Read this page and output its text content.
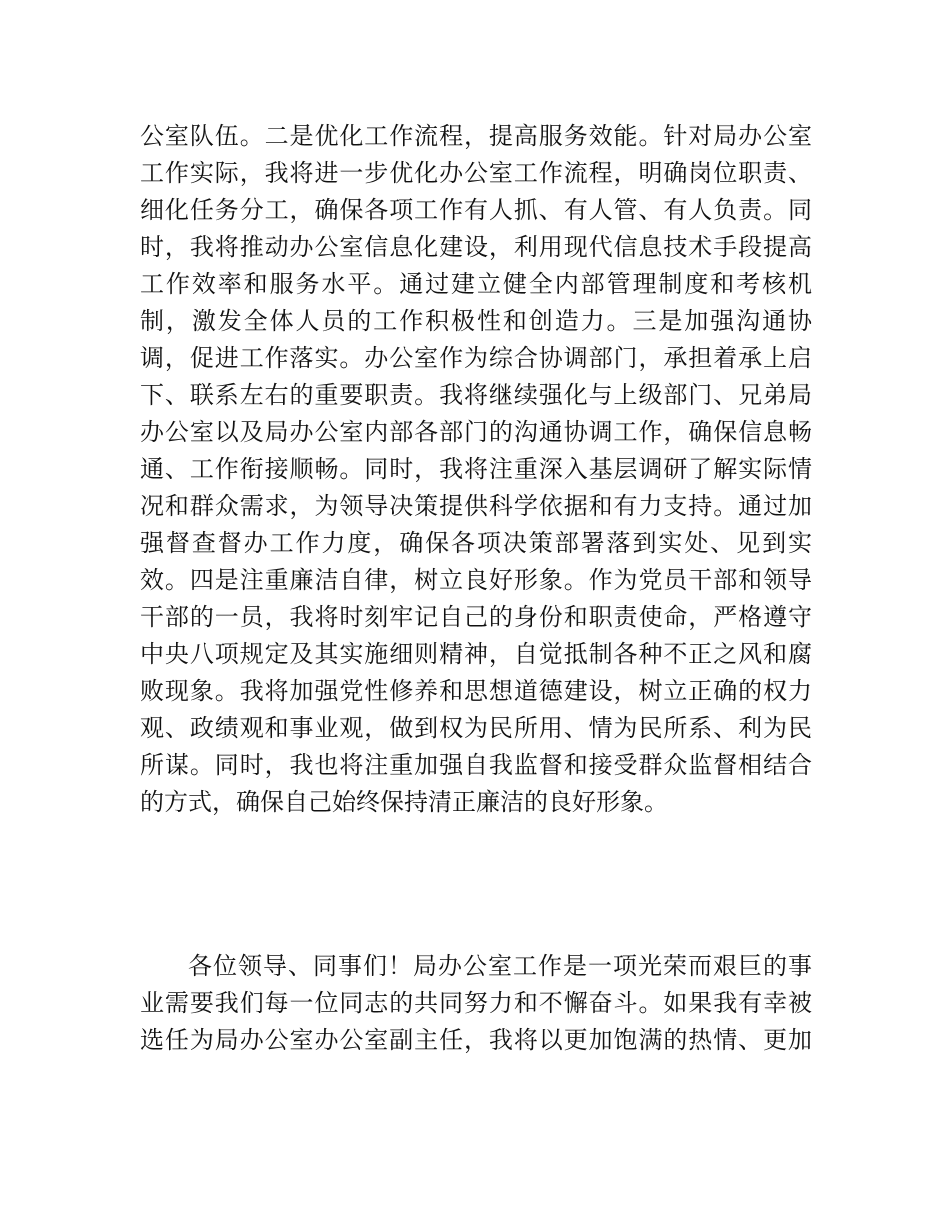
公室队伍。二是优化工作流程，提高服务效能。针对局办公室
工作实际，我将进一步优化办公室工作流程，明确岗位职责、
细化任务分工，确保各项工作有人抓、有人管、有人负责。同
时，我将推动办公室信息化建设，利用现代信息技术手段提高
工作效率和服务水平。通过建立健全内部管理制度和考核机
制，激发全体人员的工作积极性和创造力。三是加强沟通协
调，促进工作落实。办公室作为综合协调部门，承担着承上启
下、联系左右的重要职责。我将继续强化与上级部门、兄弟局
办公室以及局办公室内部各部门的沟通协调工作，确保信息畅
通、工作衔接顺畅。同时，我将注重深入基层调研了解实际情
况和群众需求，为领导决策提供科学依据和有力支持。通过加
强督查督办工作力度，确保各项决策部署落到实处、见到实
效。四是注重廉洁自律，树立良好形象。作为党员干部和领导
干部的一员，我将时刻牢记自己的身份和职责使命，严格遵守
中央八项规定及其实施细则精神，自觉抵制各种不正之风和腐
败现象。我将加强党性修养和思想道德建设，树立正确的权力
观、政绩观和事业观，做到权为民所用、情为民所系、利为民
所谋。同时，我也将注重加强自我监督和接受群众监督相结合
的方式，确保自己始终保持清正廉洁的良好形象。
各位领导、同事们！局办公室工作是一项光荣而艰巨的事
业需要我们每一位同志的共同努力和不懈奋斗。如果我有幸被
选任为局办公室办公室副主任，我将以更加饱满的热情、更加
